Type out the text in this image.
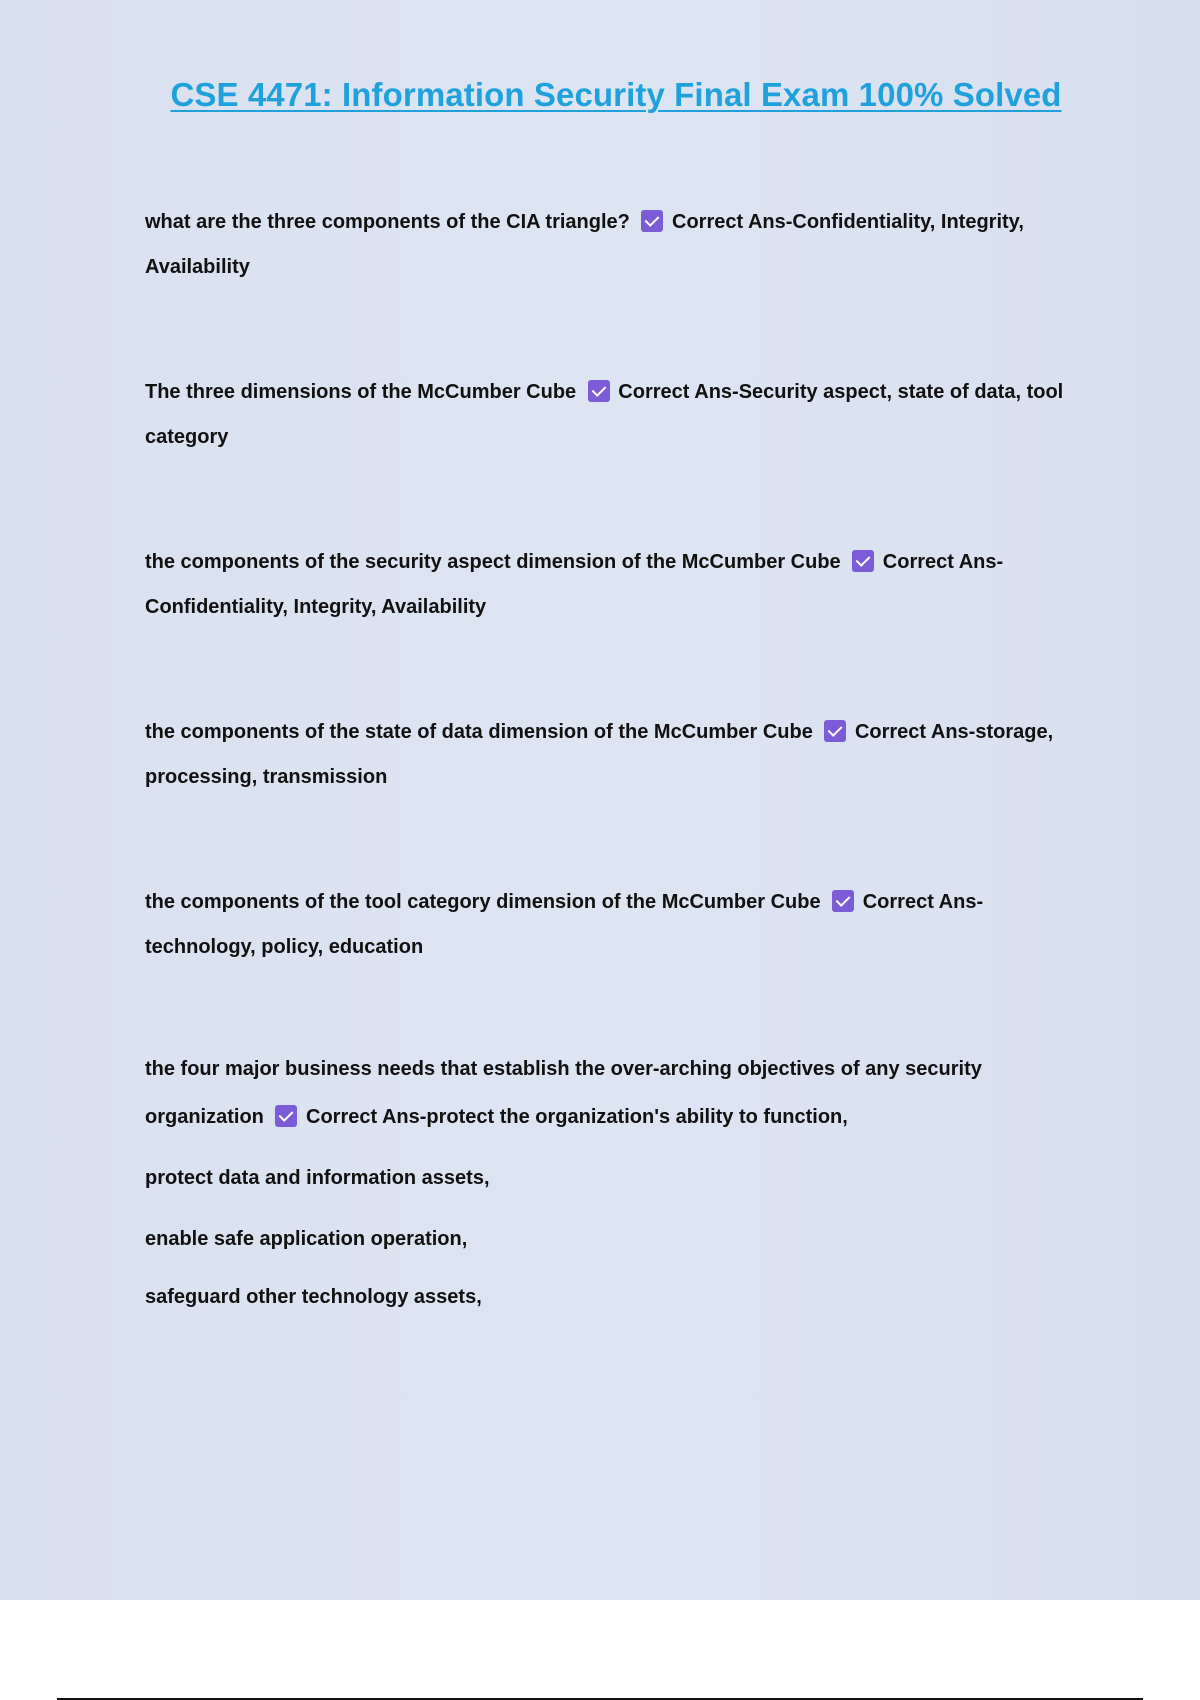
CSE 4471: Information Security Final Exam 100% Solved
what are the three components of the CIA triangle? Correct Ans-Confidentiality, Integrity, Availability
The three dimensions of the McCumber Cube Correct Ans-Security aspect, state of data, tool category
the components of the security aspect dimension of the McCumber Cube Correct Ans-Confidentiality, Integrity, Availability
the components of the state of data dimension of the McCumber Cube Correct Ans-storage, processing, transmission
the components of the tool category dimension of the McCumber Cube Correct Ans-technology, policy, education
the four major business needs that establish the over-arching objectives of any security organization Correct Ans-protect the organization's ability to function,
protect data and information assets,
enable safe application operation,
safeguard other technology assets,
